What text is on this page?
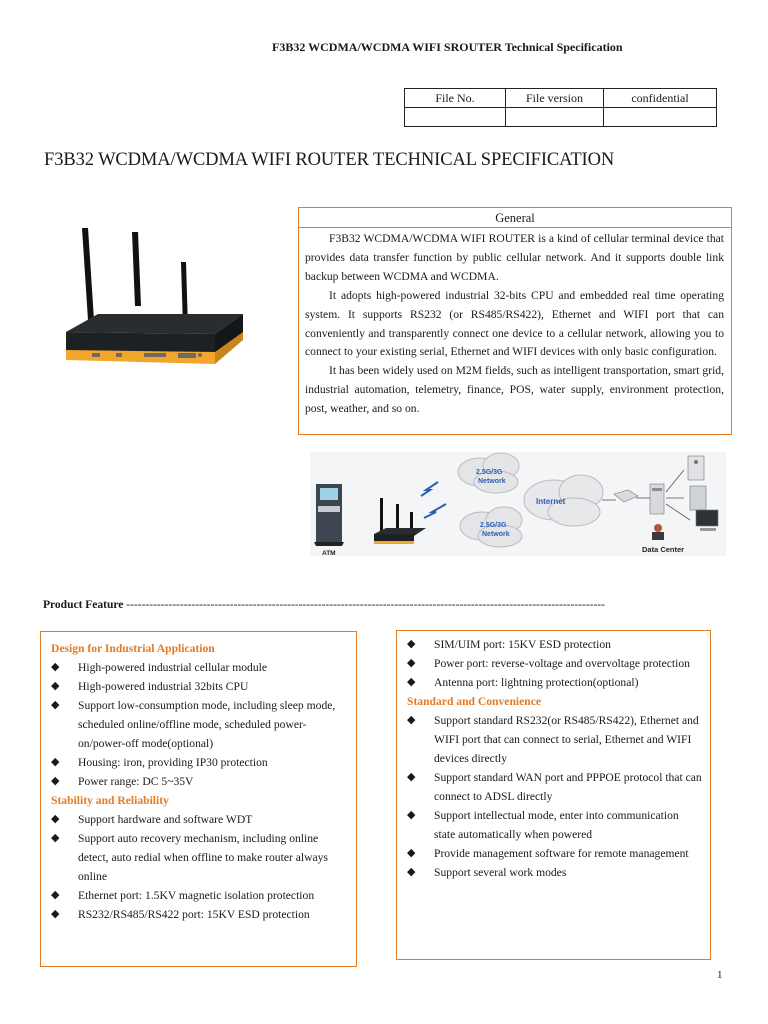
F3B32 WCDMA/WCDMA WIFI SROUTER Technical Specification
File No.	File version	confidential

F3B32 WCDMA/WCDMA WIFI ROUTER TECHNICAL SPECIFICATION
General

F3B32 WCDMA/WCDMA WIFI ROUTER is a kind of cellular terminal device that provides data transfer function by public cellular network. And it supports double link backup between WCDMA and WCDMA.

It adopts high-powered industrial 32-bits CPU and embedded real time operating system. It supports RS232 (or RS485/RS422), Ethernet and WIFI port that can conveniently and transparently connect one device to a cellular network, allowing you to connect to your existing serial, Ethernet and WIFI devices with only basic configuration.

It has been widely used on M2M fields, such as intelligent transportation, smart grid, industrial automation, telemetry, finance, POS, water supply, environment protection, post, weather, and so on.

ATM
2.5G/3G
Network
Internet
2.5G/3G
Network
Data Center
Product Feature -----------------------------------------------------------------------------------------------------------------------------
Design for Industrial Application
◆ High-powered industrial cellular module
◆ High-powered industrial 32bits CPU
◆ Support low-consumption mode, including sleep mode, scheduled online/offline mode, scheduled power-on/power-off mode(optional)
◆ Housing: iron, providing IP30 protection
◆ Power range: DC 5~35V
Stability and Reliability
◆ Support hardware and software WDT
◆ Support auto recovery mechanism, including online detect, auto redial when offline to make router always online
◆ Ethernet port: 1.5KV magnetic isolation protection
◆ RS232/RS485/RS422 port: 15KV ESD protection
◆ SIM/UIM port: 15KV ESD protection
◆ Power port: reverse-voltage and overvoltage protection
◆ Antenna port: lightning protection(optional)
Standard and Convenience
◆ Support standard RS232(or RS485/RS422), Ethernet and WIFI port that can connect to serial, Ethernet and WIFI devices directly
◆ Support standard WAN port and PPPOE protocol that can connect to ADSL directly
◆ Support intellectual mode, enter into communication state automatically when powered
◆ Provide management software for remote management
◆ Support several work modes
1
